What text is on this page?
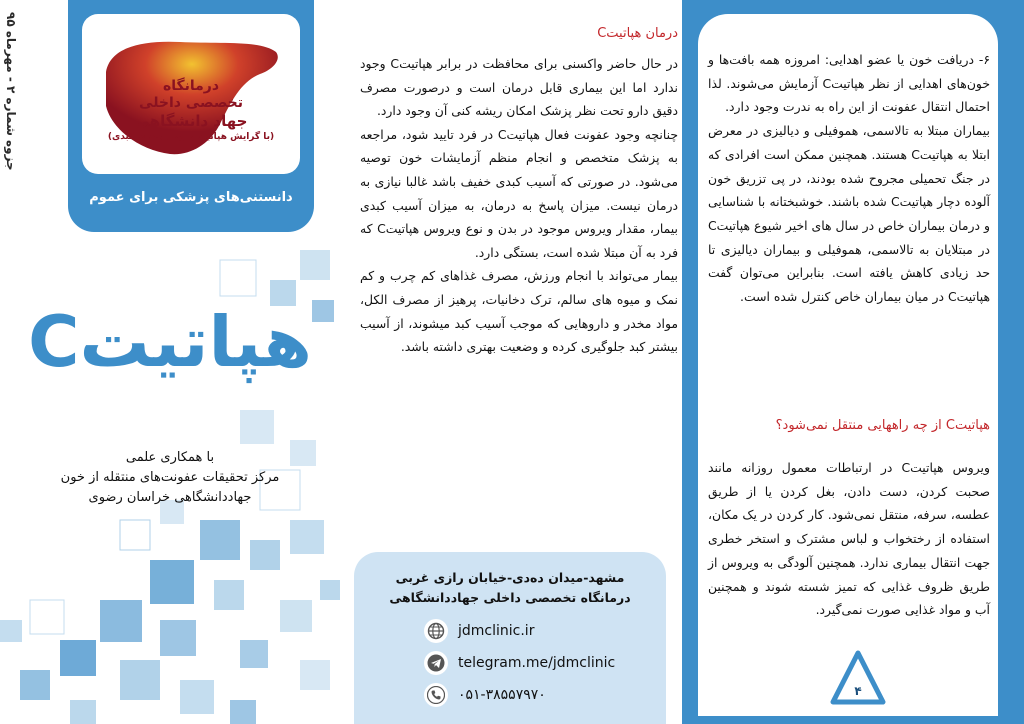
جزوه شماره ۲ - مهرماه ۹۵
درمانگاه
تخصصی داخلی
جهاد دانشگاهی
(با گرایش هپاتیت و بیماری‌های کبدی)
دانستنی‌های پزشکی برای عموم
هپاتیتC
با همکاری علمی
مرکز تحقیقات عفونت‌های منتقله از خون
جهاددانشگاهی خراسان رضوی
درمان هپاتیتC

در حال حاضر واکسنی برای محافظت در برابر هپاتیتC وجود ندارد اما این بیماری قابل درمان است و درصورت مصرف دقیق دارو تحت نظر پزشک امکان ریشه کنی آن وجود دارد.

چنانچه وجود عفونت فعال هپاتیتC در فرد تایید شود، مراجعه به پزشک متخصص و انجام منظم آزمایشات خون توصیه می‌شود. در صورتی که آسیب کبدی خفیف باشد غالبا نیازی به درمان نیست. میزان پاسخ به درمان، به میزان آسیب کبدی بیمار، مقدار ویروس موجود در بدن و نوع ویروس هپاتیتC که فرد به آن مبتلا شده است، بستگی دارد.

بیمار می‌تواند با انجام ورزش، مصرف غذاهای کم چرب و کم نمک و میوه های سالم، ترک دخانیات، پرهیز از مصرف الکل، مواد مخدر و داروهایی که موجب آسیب کبد میشوند، از آسیب بیشتر کبد جلوگیری کرده و وضعیت بهتری داشته باشد.

مشهد-میدان ده‌دی-خیابان رازی غربی
درمانگاه تخصصی داخلی جهاددانشگاهی
jdmclinic.ir
telegram.me/jdmclinic
۰۵۱-۳۸۵۵۷۹۷۰

۶- دریافت خون یا عضو اهدایی: امروزه همه بافت‌ها و خون‌های اهدایی از نظر هپاتیتC آزمایش می‌شوند. لذا احتمال انتقال عفونت از این راه به ندرت وجود دارد.

بیماران مبتلا به تالاسمی، هموفیلی و دیالیزی در معرض ابتلا به هپاتیتC هستند. همچنین ممکن است افرادی که در جنگ تحمیلی مجروح شده بودند، در پی تزریق خون آلوده دچار هپاتیتC شده باشند. خوشبختانه با شناسایی و درمان بیماران خاص در سال های اخیر شیوع هپاتیتC در مبتلایان به تالاسمی، هموفیلی و بیماران دیالیزی تا حد زیادی کاهش یافته است. بنابراین می‌توان گفت هپاتیتC در میان بیماران خاص کنترل شده است.

هپاتیتC از چه راههایی منتقل نمی‌شود؟

ویروس هپاتیتC در ارتباطات معمول روزانه مانند صحبت کردن، دست دادن، بغل کردن یا از طریق عطسه، سرفه، منتقل نمی‌شود. کار کردن در یک مکان، استفاده از رختخواب و لباس مشترک و استخر خطری جهت انتقال بیماری ندارد. همچنین آلودگی به ویروس از طریق ظروف غذایی که تمیز شسته شوند و همچنین آب و مواد غذایی صورت نمی‌گیرد.

۴
